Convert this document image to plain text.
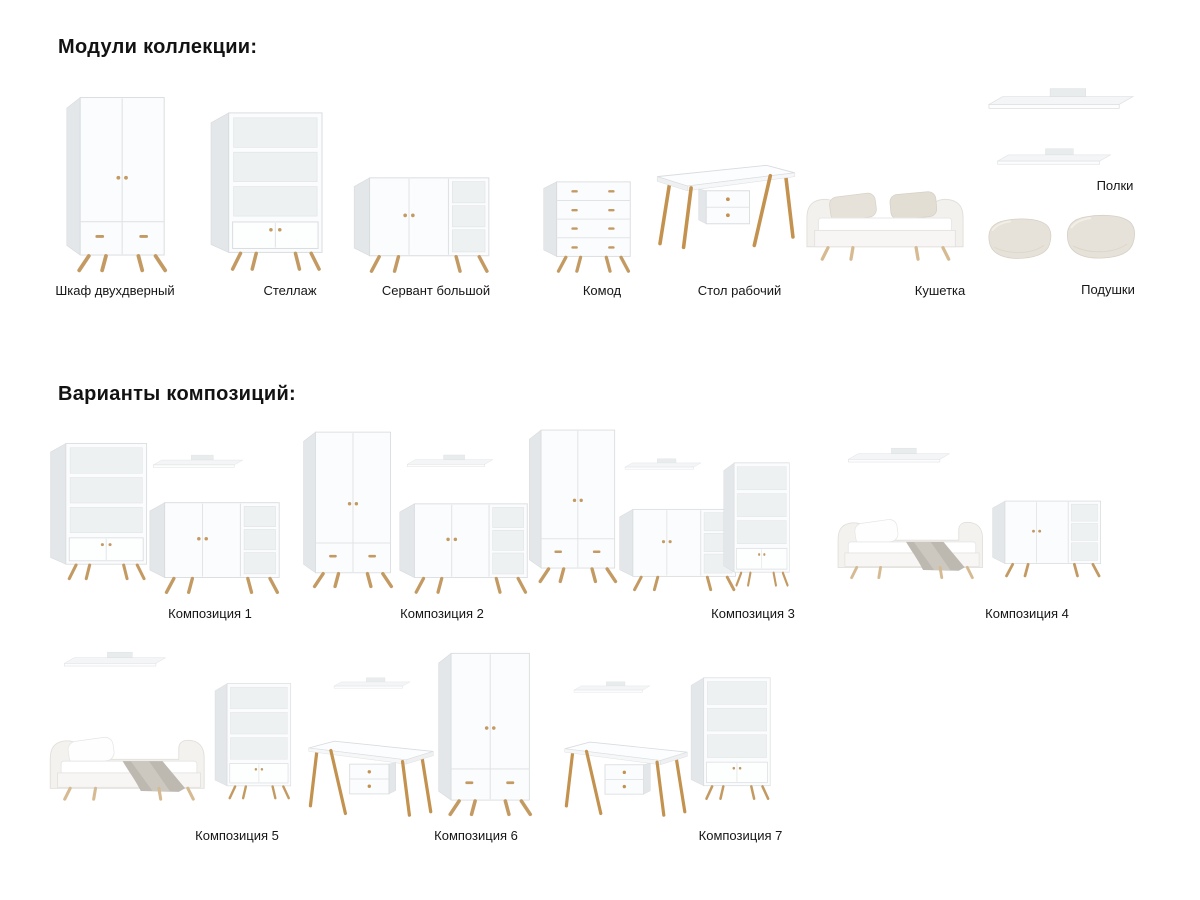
Модули коллекции:
Варианты композиций:
Шкаф двухдверный	Стеллаж	Сервант большой	Комод	Стол рабочий	Кушетка
Полки
Подушки
Композиция 1	Композиция 2	Композиция 3	Композиция 4
Композиция 5	Композиция 6	Композиция 7
